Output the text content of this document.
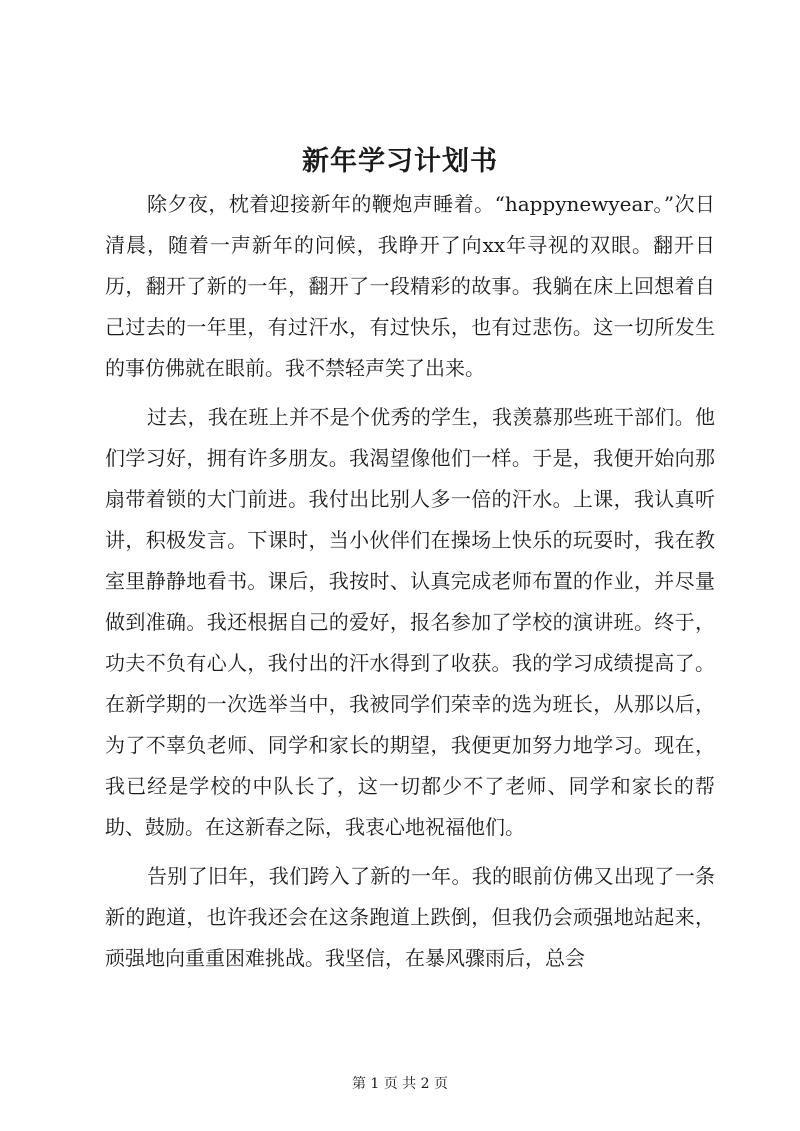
新年学习计划书

除夕夜，枕着迎接新年的鞭炮声睡着。“happynewyear。”次日清晨，随着一声新年的问候，我睁开了向xx年寻视的双眼。翻开日历，翻开了新的一年，翻开了一段精彩的故事。我躺在床上回想着自己过去的一年里，有过汗水，有过快乐，也有过悲伤。这一切所发生的事仿佛就在眼前。我不禁轻声笑了出来。

过去，我在班上并不是个优秀的学生，我羡慕那些班干部们。他们学习好，拥有许多朋友。我渴望像他们一样。于是，我便开始向那扇带着锁的大门前进。我付出比别人多一倍的汗水。上课，我认真听讲，积极发言。下课时，当小伙伴们在操场上快乐的玩耍时，我在教室里静静地看书。课后，我按时、认真完成老师布置的作业，并尽量做到准确。我还根据自己的爱好，报名参加了学校的演讲班。终于，功夫不负有心人，我付出的汗水得到了收获。我的学习成绩提高了。在新学期的一次选举当中，我被同学们荣幸的选为班长，从那以后，为了不辜负老师、同学和家长的期望，我便更加努力地学习。现在，我已经是学校的中队长了，这一切都少不了老师、同学和家长的帮助、鼓励。在这新春之际，我衷心地祝福他们。

告别了旧年，我们跨入了新的一年。我的眼前仿佛又出现了一条新的跑道，也许我还会在这条跑道上跌倒，但我仍会顽强地站起来，顽强地向重重困难挑战。我坚信，在暴风骤雨后，总会

第 1 页 共 2 页
